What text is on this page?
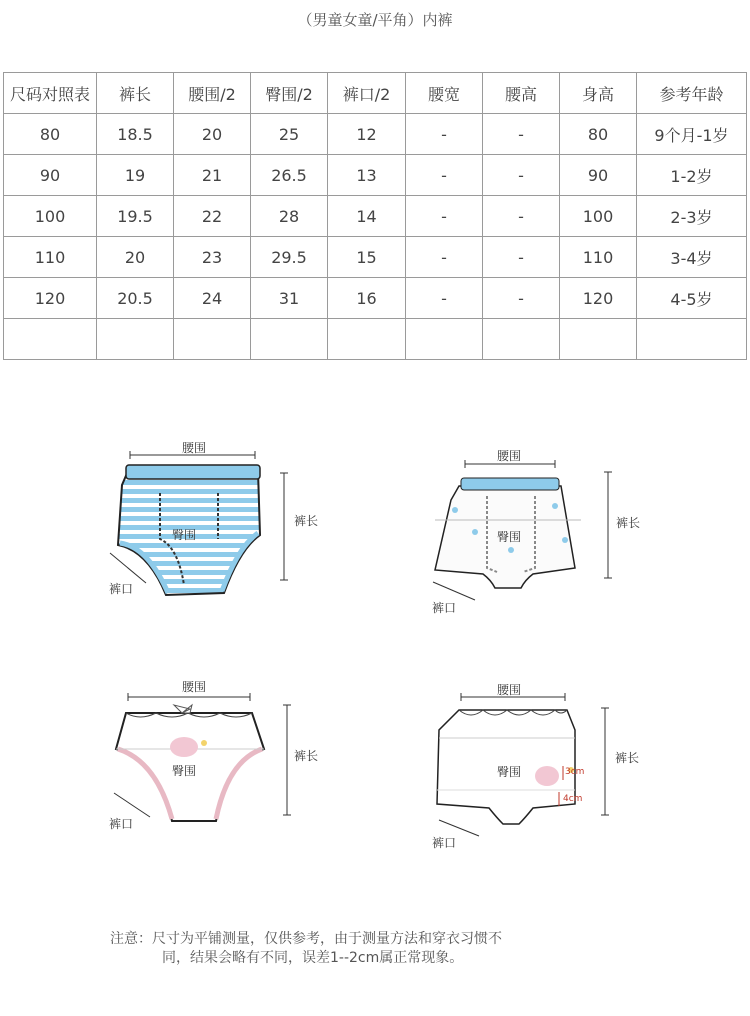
（男童女童/平角）内裤
尺码对照表	裤长	腰围/2	臀围/2	裤口/2	腰宽	腰高	身高	参考年龄
80	18.5	20	25	12	-	-	80	9个月-1岁
90	19	21	26.5	13	-	-	90	1-2岁
100	19.5	22	28	14	-	-	100	2-3岁
110	20	23	29.5	15	-	-	110	3-4岁
120	20.5	24	31	16	-	-	120	4-5岁

腰围
臀围
裤长
裤口
腰围
臀围
裤长
裤口
腰围
臀围
裤长
裤口
腰围
臀围
裤长
裤口
3cm
4cm
注意：尺寸为平铺测量，仅供参考，由于测量方法和穿衣习惯不
同，结果会略有不同，误差1--2cm属正常现象。
